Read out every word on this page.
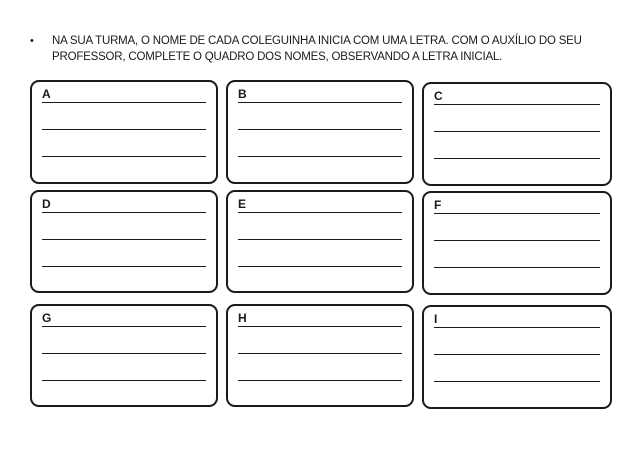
• NA SUA TURMA, O NOME DE CADA COLEGUINHA INICIA COM UMA LETRA. COM O AUXÍLIO DO SEU PROFESSOR, COMPLETE O QUADRO DOS NOMES, OBSERVANDO A LETRA INICIAL.
A	B	C
D	E	F
G	H	I
